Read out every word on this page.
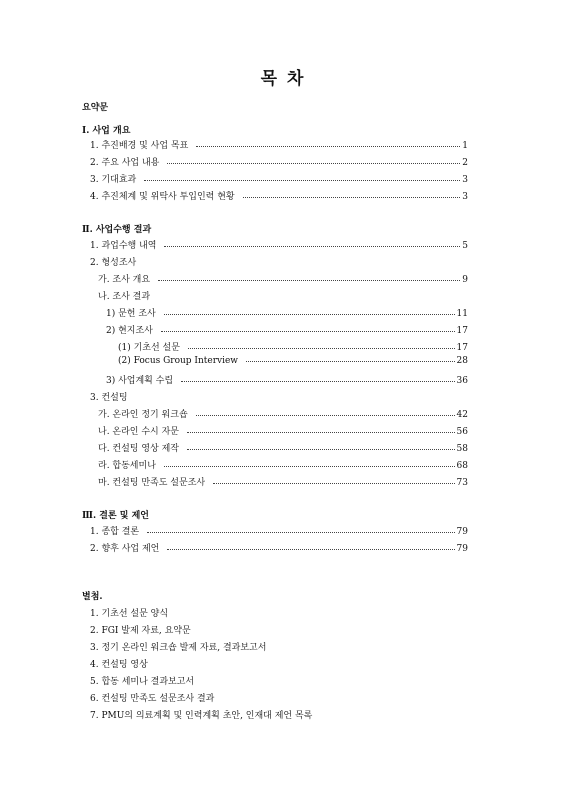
목 차
요약문
Ⅰ. 사업 개요
1. 추진배경 및 사업 목표	1
2. 주요 사업 내용	2
3. 기대효과	3
4. 추진체계 및 위탁사 투입인력 현황	3
Ⅱ. 사업수행 결과
1. 과업수행 내역	5
2. 형성조사
가. 조사 개요	9
나. 조사 결과
1) 문헌 조사	11
2) 현지조사	17
(1) 기초선 설문	17
(2) Focus Group Interview	28
3) 사업계획 수립	36
3. 컨설팅
가. 온라인 정기 워크숍	42
나. 온라인 수시 자문	56
다. 컨설팅 영상 제작	58
라. 합동세미나	68
마. 컨설팅 만족도 설문조사	73
Ⅲ. 결론 및 제언
1. 종합 결론	79
2. 향후 사업 제언	79
별첨.
1. 기초선 설문 양식
2. FGI 발제 자료, 요약문
3. 정기 온라인 워크숍 발제 자료, 결과보고서
4. 컨설팅 영상
5. 합동 세미나 결과보고서
6. 컨설팅 만족도 설문조사 결과
7. PMU의 의료계획 및 인력계획 초안, 인재대 제언 목록
